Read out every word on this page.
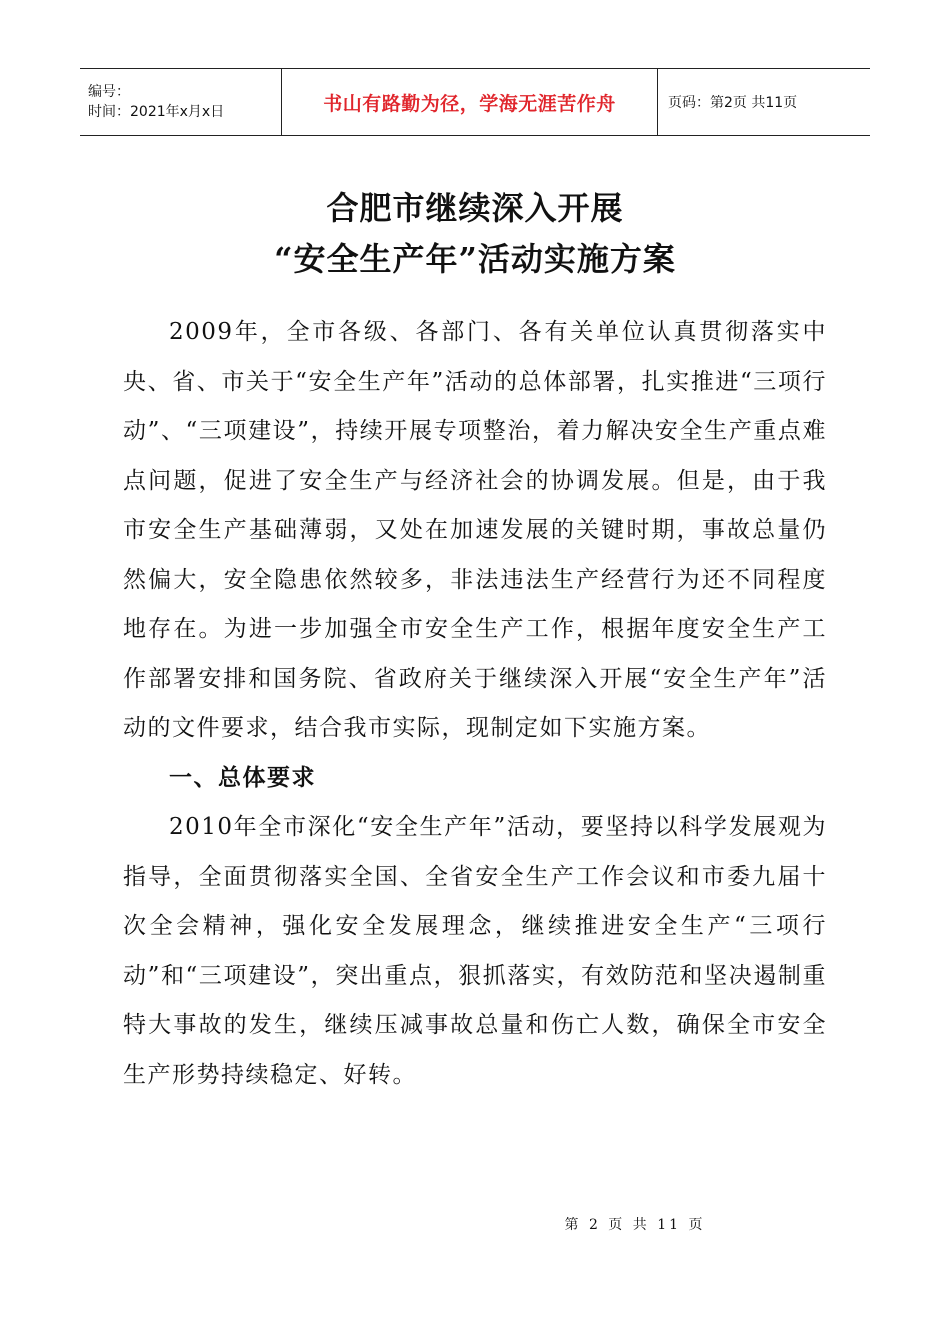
编号：
时间：2021年x月x日	书山有路勤为径，学海无涯苦作舟	页码：第2页 共11页
合肥市继续深入开展
“安全生产年”活动实施方案

2009年，全市各级、各部门、各有关单位认真贯彻落实中央、省、市关于“安全生产年”活动的总体部署，扎实推进“三项行动”、“三项建设”，持续开展专项整治，着力解决安全生产重点难点问题，促进了安全生产与经济社会的协调发展。但是，由于我市安全生产基础薄弱，又处在加速发展的关键时期，事故总量仍然偏大，安全隐患依然较多，非法违法生产经营行为还不同程度地存在。为进一步加强全市安全生产工作，根据年度安全生产工作部署安排和国务院、省政府关于继续深入开展“安全生产年”活动的文件要求，结合我市实际，现制定如下实施方案。

一、总体要求

2010年全市深化“安全生产年”活动，要坚持以科学发展观为指导，全面贯彻落实全国、全省安全生产工作会议和市委九届十次全会精神，强化安全发展理念，继续推进安全生产“三项行动”和“三项建设”，突出重点，狠抓落实，有效防范和坚决遏制重特大事故的发生，继续压减事故总量和伤亡人数，确保全市安全生产形势持续稳定、好转。

第 2 页 共 11 页
